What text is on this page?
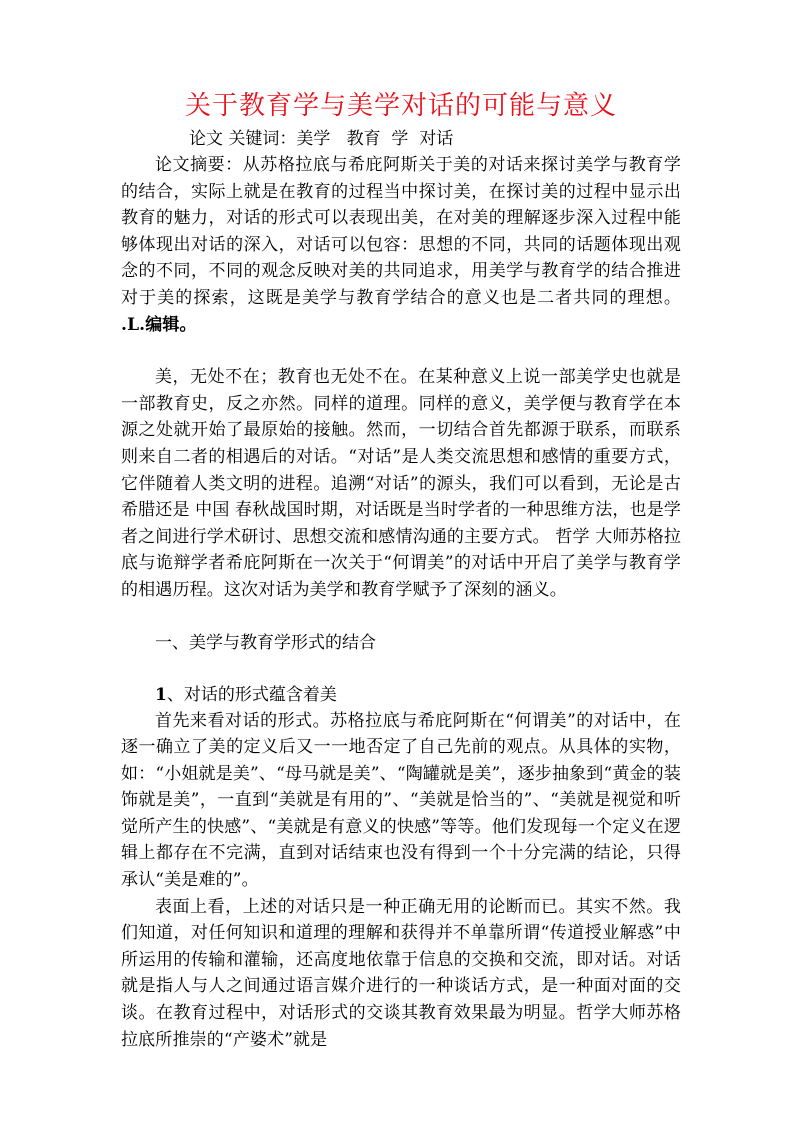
关于教育学与美学对话的可能与意义

论文 关键词：美学   教育  学  对话

论文摘要：从苏格拉底与希庇阿斯关于美的对话来探讨美学与教育学的结合，实际上就是在教育的过程当中探讨美，在探讨美的过程中显示出教育的魅力，对话的形式可以表现出美，在对美的理解逐步深入过程中能够体现出对话的深入，对话可以包容：思想的不同，共同的话题体现出观念的不同，不同的观念反映对美的共同追求，用美学与教育学的结合推进对于美的探索，这既是美学与教育学结合的意义也是二者共同的理想。 .L.编辑。

美，无处不在；教育也无处不在。在某种意义上说一部美学史也就是一部教育史，反之亦然。同样的道理。同样的意义，美学便与教育学在本源之处就开始了最原始的接触。然而，一切结合首先都源于联系，而联系则来自二者的相遇后的对话。“对话”是人类交流思想和感情的重要方式，它伴随着人类文明的进程。追溯“对话”的源头，我们可以看到，无论是古希腊还是 中国 春秋战国时期，对话既是当时学者的一种思维方法，也是学者之间进行学术研讨、思想交流和感情沟通的主要方式。 哲学 大师苏格拉底与诡辩学者希庇阿斯在一次关于“何谓美”的对话中开启了美学与教育学的相遇历程。这次对话为美学和教育学赋予了深刻的涵义。

一、美学与教育学形式的结合

1、对话的形式蕴含着美

首先来看对话的形式。苏格拉底与希庇阿斯在“何谓美”的对话中，在逐一确立了美的定义后又一一地否定了自己先前的观点。从具体的实物，如：“小姐就是美”、“母马就是美”、“陶罐就是美”，逐步抽象到“黄金的装饰就是美”，一直到“美就是有用的”、“美就是恰当的”、“美就是视觉和听觉所产生的快感”、“美就是有意义的快感”等等。他们发现每一个定义在逻辑上都存在不完满，直到对话结束也没有得到一个十分完满的结论，只得承认“美是难的”。

表面上看，上述的对话只是一种正确无用的论断而已。其实不然。我们知道，对任何知识和道理的理解和获得并不单靠所谓“传道授业解惑”中所运用的传输和灌输，还高度地依靠于信息的交换和交流，即对话。对话就是指人与人之间通过语言媒介进行的一种谈话方式，是一种面对面的交谈。在教育过程中，对话形式的交谈其教育效果最为明显。哲学大师苏格拉底所推崇的“产婆术”就是
